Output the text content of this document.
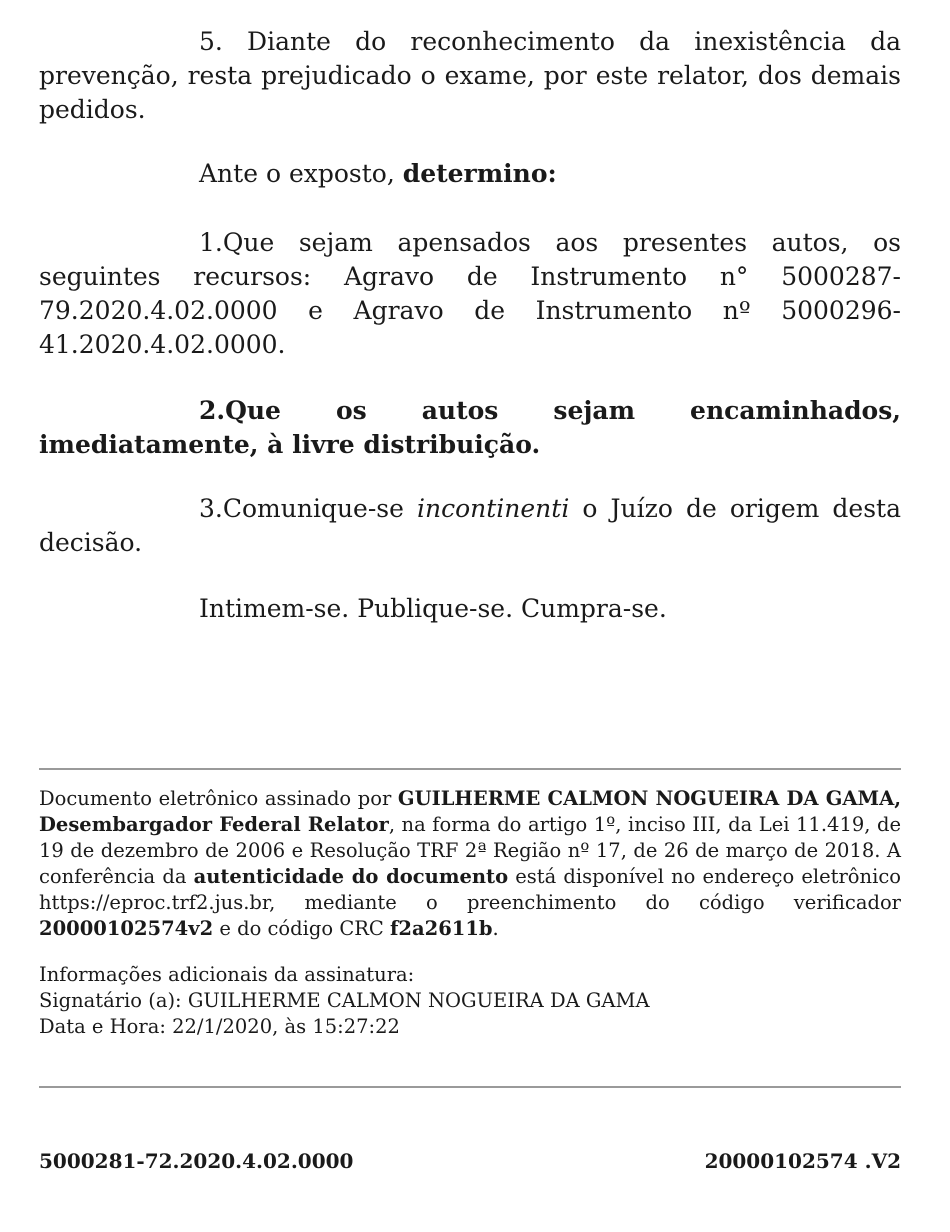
5. Diante do reconhecimento da inexistência da prevenção, resta prejudicado o exame, por este relator, dos demais pedidos.

Ante o exposto, determino:

1.Que sejam apensados aos presentes autos, os seguintes recursos: Agravo de Instrumento n° 5000287-79.2020.4.02.0000 e Agravo de Instrumento nº 5000296-41.2020.4.02.0000.

2.Que os autos sejam encaminhados, imediatamente, à livre distribuição.

3.Comunique-se incontinenti o Juízo de origem desta decisão.

Intimem-se. Publique-se. Cumpra-se.

Documento eletrônico assinado por GUILHERME CALMON NOGUEIRA DA GAMA, Desembargador Federal Relator, na forma do artigo 1º, inciso III, da Lei 11.419, de 19 de dezembro de 2006 e Resolução TRF 2ª Região nº 17, de 26 de março de 2018. A conferência da autenticidade do documento está disponível no endereço eletrônico https://eproc.trf2.jus.br, mediante o preenchimento do código verificador 20000102574v2 e do código CRC f2a2611b.

Informações adicionais da assinatura:

Signatário (a): GUILHERME CALMON NOGUEIRA DA GAMA

Data e Hora: 22/1/2020, às 15:27:22

5000281-72.2020.4.02.0000	20000102574 .V2
